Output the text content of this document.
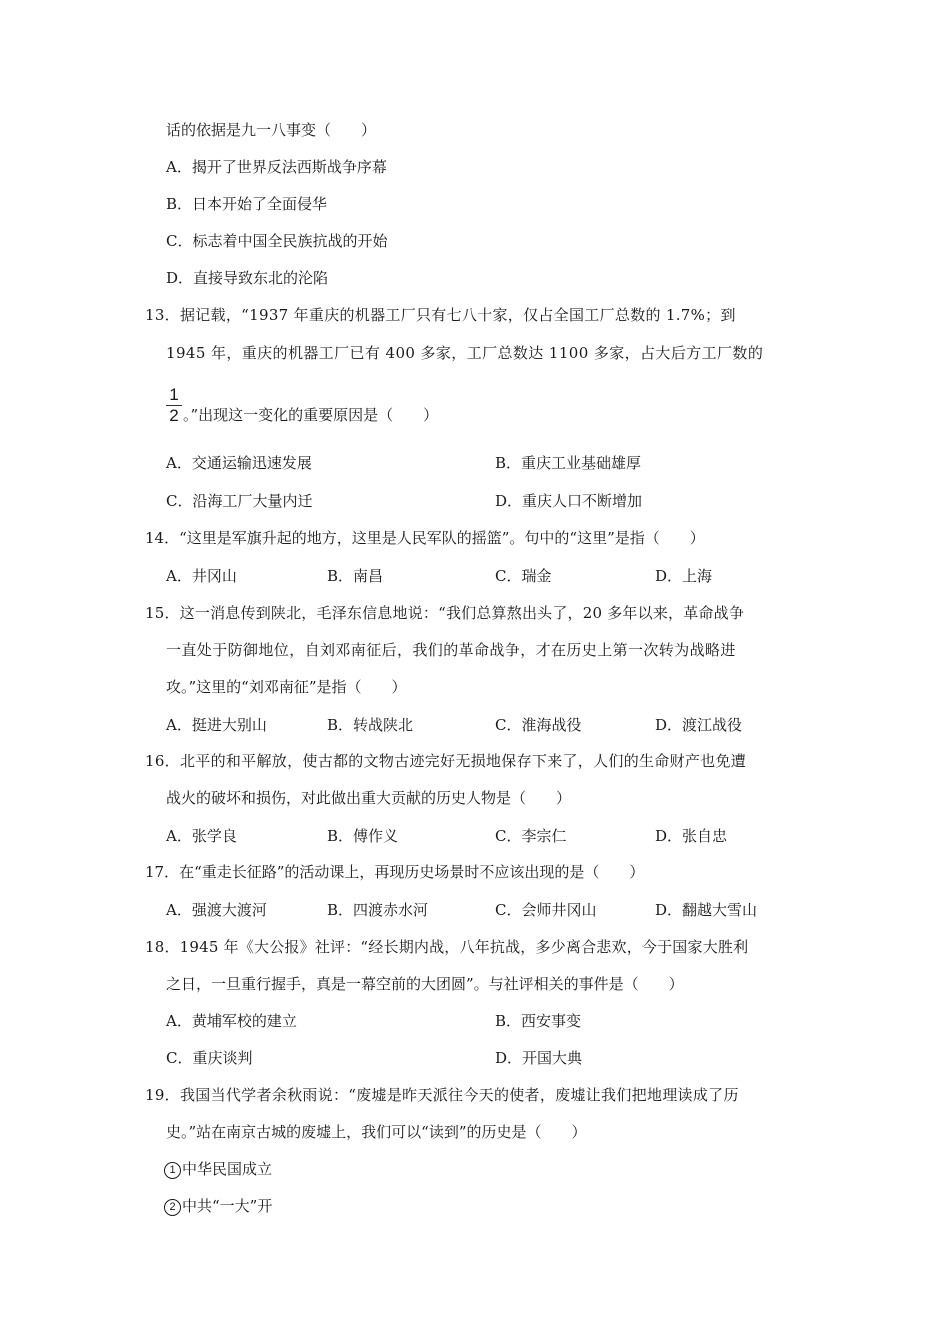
话的依据是九一八事变（　　）
A．揭开了世界反法西斯战争序幕
B．日本开始了全面侵华
C．标志着中国全民族抗战的开始
D．直接导致东北的沦陷
13．据记载，“1937 年重庆的机器工厂只有七八十家，仅占全国工厂总数的 1.7%；到
1945 年，重庆的机器工厂已有 400 多家，工厂总数达 1100 多家，占大后方工厂数的
1
2 。”出现这一变化的重要原因是（　　）
A．交通运输迅速发展	B．重庆工业基础雄厚
C．沿海工厂大量内迁	D．重庆人口不断增加
14．“这里是军旗升起的地方，这里是人民军队的摇篮”。句中的“这里”是指（　　）
A．井冈山	B．南昌	C．瑞金	D．上海
15．这一消息传到陕北，毛泽东信息地说：“我们总算熬出头了，20 多年以来，革命战争
一直处于防御地位，自刘邓南征后，我们的革命战争，才在历史上第一次转为战略进
攻。”这里的“刘邓南征”是指（　　）
A．挺进大别山	B．转战陕北	C．淮海战役	D．渡江战役
16．北平的和平解放，使古都的文物古迹完好无损地保存下来了，人们的生命财产也免遭
战火的破坏和损伤，对此做出重大贡献的历史人物是（　　）
A．张学良	B．傅作义	C．李宗仁	D．张自忠
17．在“重走长征路”的活动课上，再现历史场景时不应该出现的是（　　）
A．强渡大渡河	B．四渡赤水河	C．会师井冈山	D．翻越大雪山
18．1945 年《大公报》社评：“经长期内战，八年抗战，多少离合悲欢，今于国家大胜利
之日，一旦重行握手，真是一幕空前的大团圆”。与社评相关的事件是（　　）
A．黄埔军校的建立	B．西安事变
C．重庆谈判	D．开国大典
19．我国当代学者余秋雨说：“废墟是昨天派往今天的使者，废墟让我们把地理读成了历
史。”站在南京古城的废墟上，我们可以“读到”的历史是（　　）
1 中华民国成立
2 中共“一大”开
